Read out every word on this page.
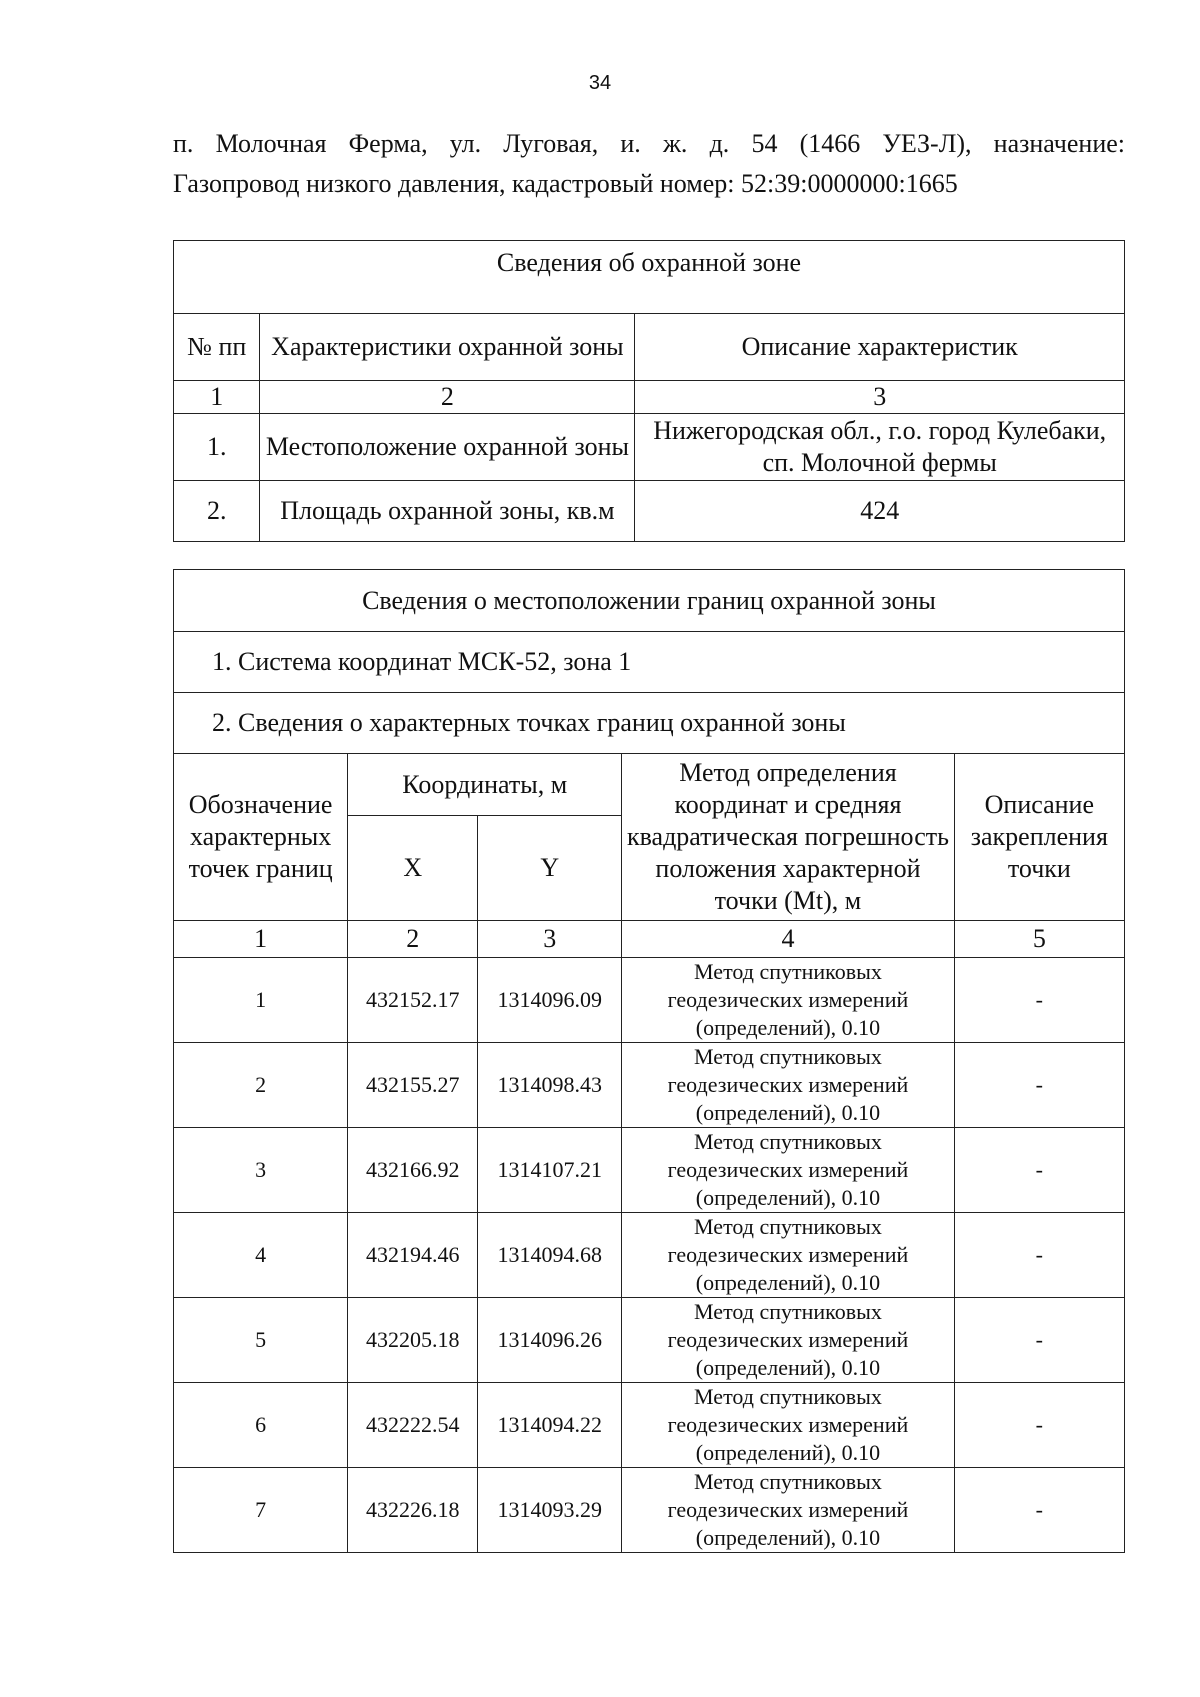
34
п. Молочная Ферма, ул. Луговая, и. ж. д. 54 (1466 УЕЗ-Л), назначение:
Газопровод низкого давления, кадастровый номер: 52:39:0000000:1665
Сведения об охранной зоне		
№ пп	Характеристики охранной зоны	Описание характеристик
1	2	3
1.	Местоположение охранной зоны	Нижегородская обл., г.о. город Кулебаки, сп. Молочной фермы
2.	Площадь охранной зоны, кв.м	424
Сведения о местоположении границ охранной зоны				
1. Система координат МСК-52, зона 1				
2. Сведения о характерных точках границ охранной зоны				
Обозначение характерных точек границ	Координаты, м		Метод определения координат и средняя квадратическая погрешность положения характерной точки (Mt), м	Описание закрепления точки
	X	Y		
1	2	3	4	5
1	432152.17	1314096.09	Метод спутниковых геодезических измерений (определений), 0.10	-
2	432155.27	1314098.43	Метод спутниковых геодезических измерений (определений), 0.10	-
3	432166.92	1314107.21	Метод спутниковых геодезических измерений (определений), 0.10	-
4	432194.46	1314094.68	Метод спутниковых геодезических измерений (определений), 0.10	-
5	432205.18	1314096.26	Метод спутниковых геодезических измерений (определений), 0.10	-
6	432222.54	1314094.22	Метод спутниковых геодезических измерений (определений), 0.10	-
7	432226.18	1314093.29	Метод спутниковых геодезических измерений (определений), 0.10	-
